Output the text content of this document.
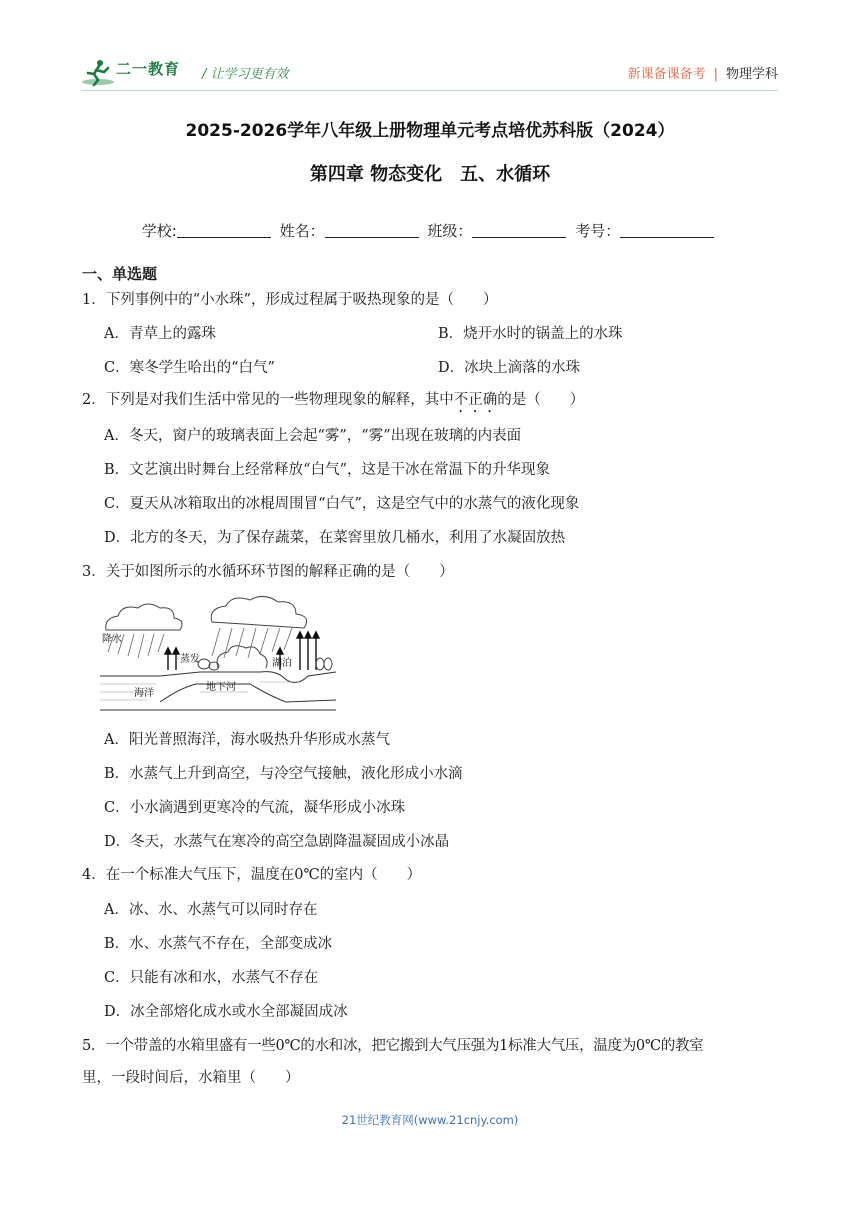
二一教育 / 让学习更有效	新课备课备考 | 物理学科
2025-2026学年八年级上册物理单元考点培优苏科版（2024）
第四章 物态变化　五、水循环
学校:	姓名：	班级：	考号：
一、单选题
1．下列事例中的“小水珠”，形成过程属于吸热现象的是（　　）
A．青草上的露珠	B．烧开水时的锅盖上的水珠
C．寒冬学生哈出的“白气”	D．冰块上滴落的水珠
2．下列是对我们生活中常见的一些物理现象的解释，其中不正确的是（　　）
A．冬天，窗户的玻璃表面上会起“雾”，“雾”出现在玻璃的内表面
B．文艺演出时舞台上经常释放“白气”，这是干冰在常温下的升华现象
C．夏天从冰箱取出的冰棍周围冒“白气”，这是空气中的水蒸气的液化现象
D．北方的冬天，为了保存蔬菜，在菜窖里放几桶水，利用了水凝固放热
3．关于如图所示的水循环环节图的解释正确的是（　　）
降水
蒸发	湖泊
海洋
地下河
A．阳光普照海洋，海水吸热升华形成水蒸气
B．水蒸气上升到高空，与冷空气接触，液化形成小水滴
C．小水滴遇到更寒冷的气流，凝华形成小冰珠
D．冬天，水蒸气在寒冷的高空急剧降温凝固成小冰晶
4．在一个标准大气压下，温度在0℃的室内（　　）
A．冰、水、水蒸气可以同时存在
B．水、水蒸气不存在，全部变成冰
C．只能有冰和水，水蒸气不存在
D．冰全部熔化成水或水全部凝固成冰
5．一个带盖的水箱里盛有一些0℃的水和冰，把它搬到大气压强为1标准大气压，温度为0℃的教室
里，一段时间后，水箱里（　　）
21世纪教育网(www.21cnjy.com)
